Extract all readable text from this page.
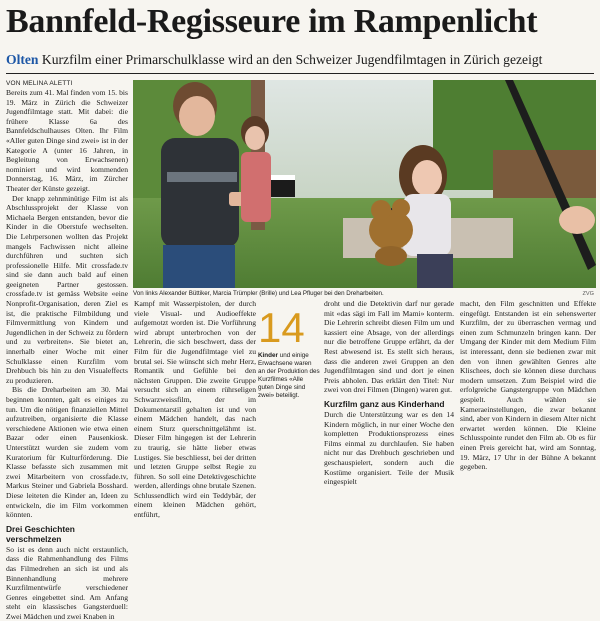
Bannfeld-Regisseure im Rampenlicht
Olten Kurzfilm einer Primarschulklasse wird an den Schweizer Jugendfilmtagen in Zürich gezeigt
VON MELINA ALETTI

Bereits zum 41. Mal finden vom 15. bis 19. März in Zürich die Schweizer Jugendfilmtage statt. Mit dabei: die frühere Klasse 6a des Bannfeldschulhauses Olten. Ihr Film «Aller guten Dinge sind zwei» ist in der Kategorie A (unter 16 Jahren, in Begleitung von Erwachsenen) nominiert und wird kommenden Donnerstag, 16. März, im Zürcher Theater der Künste gezeigt.

Der knapp zehnminütige Film ist als Abschlussprojekt der Klasse von Michaela Bergen entstanden, bevor die Kinder in die Oberstufe wechselten. Die Lehrpersonen wollten das Projekt mangels Fachwissen nicht alleine durchführen und suchten sich professionelle Hilfe. Mit crossfade.tv sind sie dann auch bald auf einen geeigneten Partner gestossen. crossfade.tv ist gemäss Website «eine Nonprofit-Organisation, deren Ziel es ist, die praktische Filmbildung und Filmvermittlung von Kindern und Jugendlichen in der Schweiz zu fördern und zu verbreiten». Sie bietet an, innerhalb einer Woche mit einer Schulklasse einen Kurzfilm vom Drehbuch bis hin zu den Visualeffects zu produzieren.

Bis die Dreharbeiten am 30. Mai beginnen konnten, galt es einiges zu tun. Um die nötigen finanziellen Mittel aufzutreiben, organisierte die Klasse verschiedene Aktionen wie etwa einen Bazar oder einen Pausenkiosk. Unterstützt wurden sie zudem vom Kuratorium für Kulturförderung. Die Klasse befasste sich zusammen mit zwei Mitarbeitern von crossfade.tv, Markus Steiner und Gabriela Bosshard. Diese leiteten die Kinder an, Ideen zu entwickeln, die im Film vorkommen könnten.

Drei Geschichten verschmelzen

So ist es denn auch nicht erstaunlich, dass die Rahmenhandlung des Films das Filmedrehen an sich ist und als Binnenhandlung mehrere Kurzfilmentwürfe verschiedener Genres eingebettet sind. Am Anfang steht ein klassisches Gangsterduell: Zwei Mädchen und zwei Knaben in

Von links Alexander Büttiker, Marcia Trümpler (Brille) und Lea Pfluger bei den Dreharbeiten.	ZVG

Kampf mit Wasserpistolen, der durch viele Visual- und Audioeffekte aufgemotzt worden ist. Die Vorführung wird abrupt unterbrochen von der Lehrerin, die sich beschwert, dass der Film für die Jugendfilmtage viel zu brutal sei. Sie wünscht sich mehr Herz, Romantik und Gefühle bei den nächsten Gruppen. Die zweite Gruppe versucht sich an einem rührseligen Schwarzweissfilm, der im Dokumentarstil gehalten ist und von einem Mädchen handelt, das nach einem Sturz querschnittgelähmt ist. Dieser Film hingegen ist der Lehrerin zu traurig, sie hätte lieber etwas Lustiges. Sie beschliesst, bei der dritten und letzten Gruppe selbst Regie zu führen. So soll eine Detektivgeschichte werden, allerdings ohne brutale Szenen. Schlussendlich wird ein Teddybär, der einem kleinen Mädchen gehört, entführt,

14
Kinder und einige Erwachsene waren an der Produktion des Kurzfilmes «Alle guten Dinge sind zwei» beteiligt.

droht und die Detektivin darf nur gerade mit «das sägi im Fall im Mami» konterm. Die Lehrerin schreibt diesen Film um und kassiert eine Absage, von der allerdings nur die betroffene Gruppe erfährt, da der Rest abwesend ist. Es stellt sich heraus, dass die anderen zwei Gruppen an den Jugendfilmtagen sind und dort je einen Preis abholen. Das erklärt den Titel: Nur zwei von drei Filmen (Dingen) waren gut.

Kurzfilm ganz aus Kinderhand

Durch die Unterstützung war es den 14 Kindern möglich, in nur einer Woche den kompletten Produktionsprozess eines Films einmal zu durchlaufen. Sie haben nicht nur das Drehbuch geschrieben und geschauspielert, sondern auch die Kostüme organisiert. Teile der Musik eingespielt

macht, den Film geschnitten und Effekte eingefügt. Entstanden ist ein sehenswerter Kurzfilm, der zu überraschen vermag und einen zum Schmunzeln bringen kann. Der Umgang der Kinder mit dem Medium Film ist interessant, denn sie bedienen zwar mit den von ihnen gewählten Genres alte Klischees, doch sie können diese durchaus modern umsetzen. Zum Beispiel wird die erfolgreiche Gangstergruppe von Mädchen gespielt. Auch wählen sie Kameraeinstellungen, die zwar bekannt sind, aber von Kindern in diesem Alter nicht erwartet werden können. Die Kleine Schlusspointe rundet den Film ab. Ob es für einen Preis gereicht hat, wird am Sonntag, 19. März, 17 Uhr in der Bühne A bekannt gegeben.
